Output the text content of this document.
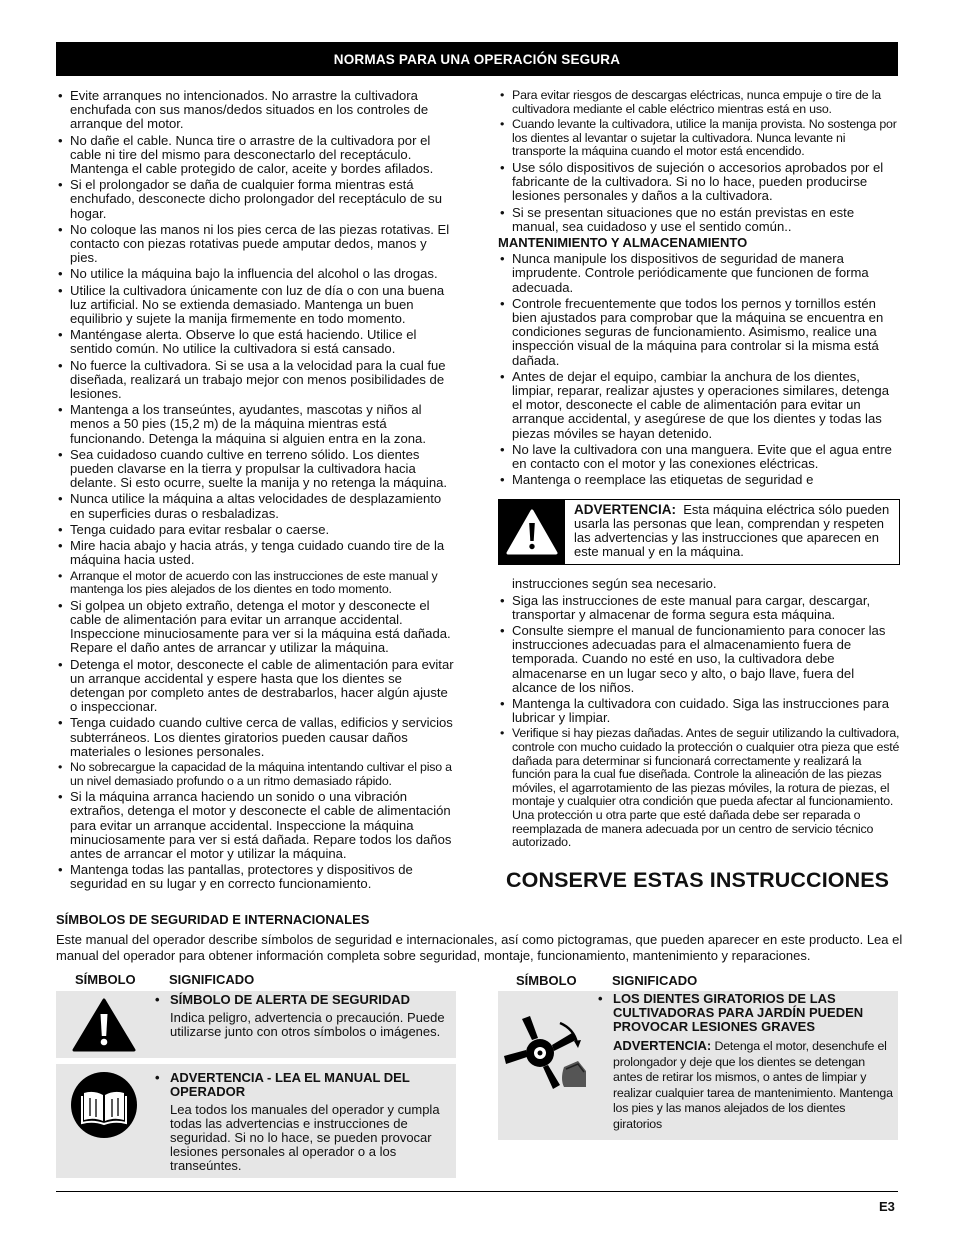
NORMAS PARA UNA OPERACIÓN SEGURA
• Evite arranques no intencionados. No arrastre la cultivadora enchufada con sus manos/dedos situados en los controles de arranque del motor.
• No dañe el cable. Nunca tire o arrastre de la cultivadora por el cable ni tire del mismo para desconectarlo del receptáculo. Mantenga el cable protegido de calor, aceite y bordes afilados.
• Si el prolongador se daña de cualquier forma mientras está enchufado, desconecte dicho prolongador del receptáculo de su hogar.
• No coloque las manos ni los pies cerca de las piezas rotativas. El contacto con piezas rotativas puede amputar dedos, manos y pies.
• No utilice la máquina bajo la influencia del alcohol o las drogas.
• Utilice la cultivadora únicamente con luz de día o con una buena luz artificial. No se extienda demasiado. Mantenga un buen equilibrio y sujete la manija firmemente en todo momento.
• Manténgase alerta. Observe lo que está haciendo. Utilice el sentido común. No utilice la cultivadora si está cansado.
• No fuerce la cultivadora. Si se usa a la velocidad para la cual fue diseñada, realizará un trabajo mejor con menos posibilidades de lesiones.
• Mantenga a los transeúntes, ayudantes, mascotas y niños al menos a 50 pies (15,2 m) de la máquina mientras está funcionando. Detenga la máquina si alguien entra en la zona.
• Sea cuidadoso cuando cultive en terreno sólido. Los dientes pueden clavarse en la tierra y propulsar la cultivadora hacia delante. Si esto ocurre, suelte la manija y no retenga la máquina.
• Nunca utilice la máquina a altas velocidades de desplazamiento en superficies duras o resbaladizas.
• Tenga cuidado para evitar resbalar o caerse.
• Mire hacia abajo y hacia atrás, y tenga cuidado cuando tire de la máquina hacia usted.
• Arranque el motor de acuerdo con las instrucciones de este manual y mantenga los pies alejados de los dientes en todo momento.
• Si golpea un objeto extraño, detenga el motor y desconecte el cable de alimentación para evitar un arranque accidental. Inspeccione minuciosamente para ver si la máquina está dañada. Repare el daño antes de arrancar y utilizar la máquina.
• Detenga el motor, desconecte el cable de alimentación para evitar un arranque accidental y espere hasta que los dientes se detengan por completo antes de destrabarlos, hacer algún ajuste o inspeccionar.
• Tenga cuidado cuando cultive cerca de vallas, edificios y servicios subterráneos. Los dientes giratorios pueden causar daños materiales o lesiones personales.
• No sobrecargue la capacidad de la máquina intentando cultivar el piso a un nivel demasiado profundo o a un ritmo demasiado rápido.
• Si la máquina arranca haciendo un sonido o una vibración extraños, detenga el motor y desconecte el cable de alimentación para evitar un arranque accidental. Inspeccione la máquina minuciosamente para ver si está dañada. Repare todos los daños antes de arrancar el motor y utilizar la máquina.
• Mantenga todas las pantallas, protectores y dispositivos de seguridad en su lugar y en correcto funcionamiento.
• Para evitar riesgos de descargas eléctricas, nunca empuje o tire de la cultivadora mediante el cable eléctrico mientras está en uso.
• Cuando levante la cultivadora, utilice la manija provista. No sostenga por los dientes al levantar o sujetar la cultivadora. Nunca levante ni transporte la máquina cuando el motor está encendido.
• Use sólo dispositivos de sujeción o accesorios aprobados por el fabricante de la cultivadora. Si no lo hace, pueden producirse lesiones personales y daños a la cultivadora.
• Si se presentan situaciones que no están previstas en este manual, sea cuidadoso y use el sentido común..
MANTENIMIENTO Y ALMACENAMIENTO
• Nunca manipule los dispositivos de seguridad de manera imprudente. Controle periódicamente que funcionen de forma adecuada.
• Controle frecuentemente que todos los pernos y tornillos estén bien ajustados para comprobar que la máquina se encuentra en condiciones seguras de funcionamiento. Asimismo, realice una inspección visual de la máquina para controlar si la misma está dañada.
• Antes de dejar el equipo, cambiar la anchura de los dientes, limpiar, reparar, realizar ajustes y operaciones similares, detenga el motor, desconecte el cable de alimentación para evitar un arranque accidental, y asegúrese de que los dientes y todas las piezas móviles se hayan detenido.
• No lave la cultivadora con una manguera. Evite que el agua entre en contacto con el motor y las conexiones eléctricas.
• Mantenga o reemplace las etiquetas de seguridad e
ADVERTENCIA: Esta máquina eléctrica sólo pueden usarla las personas que lean, comprendan y respeten las advertencias y las instrucciones que aparecen en este manual y en la máquina.
instrucciones según sea necesario.
• Siga las instrucciones de este manual para cargar, descargar, transportar y almacenar de forma segura esta máquina.
• Consulte siempre el manual de funcionamiento para conocer las instrucciones adecuadas para el almacenamiento fuera de temporada. Cuando no esté en uso, la cultivadora debe almacenarse en un lugar seco y alto, o bajo llave, fuera del alcance de los niños.
• Mantenga la cultivadora con cuidado. Siga las instrucciones para lubricar y limpiar.
• Verifique si hay piezas dañadas. Antes de seguir utilizando la cultivadora, controle con mucho cuidado la protección o cualquier otra pieza que esté dañada para determinar si funcionará correctamente y realizará la función para la cual fue diseñada. Controle la alineación de las piezas móviles, el agarrotamiento de las piezas móviles, la rotura de piezas, el montaje y cualquier otra condición que pueda afectar al funcionamiento. Una protección u otra parte que esté dañada debe ser reparada o reemplazada de manera adecuada por un centro de servicio técnico autorizado.
CONSERVE ESTAS INSTRUCCIONES
SÍMBOLOS DE SEGURIDAD E INTERNACIONALES
Este manual del operador describe símbolos de seguridad e internacionales, así como pictogramas, que pueden aparecer en este producto. Lea el manual del operador para obtener información completa sobre seguridad, montaje, funcionamiento, mantenimiento y reparaciones.
SÍMBOLO	SIGNIFICADO	SÍMBOLO	SIGNIFICADO
• SÍMBOLO DE ALERTA DE SEGURIDAD
Indica peligro, advertencia o precaución. Puede utilizarse junto con otros símbolos o imágenes.
• ADVERTENCIA - LEA EL MANUAL DEL OPERADOR
Lea todos los manuales del operador y cumpla todas las advertencias e instrucciones de seguridad. Si no lo hace, se pueden provocar lesiones personales al operador o a los transeúntes.
• LOS DIENTES GIRATORIOS DE LAS CULTIVADORAS PARA JARDÍN PUEDEN PROVOCAR LESIONES GRAVES
ADVERTENCIA: Detenga el motor, desenchufe el prolongador y deje que los dientes se detengan antes de retirar los mismos, o antes de limpiar y realizar cualquier tarea de mantenimiento. Mantenga los pies y las manos alejados de los dientes giratorios
E3
